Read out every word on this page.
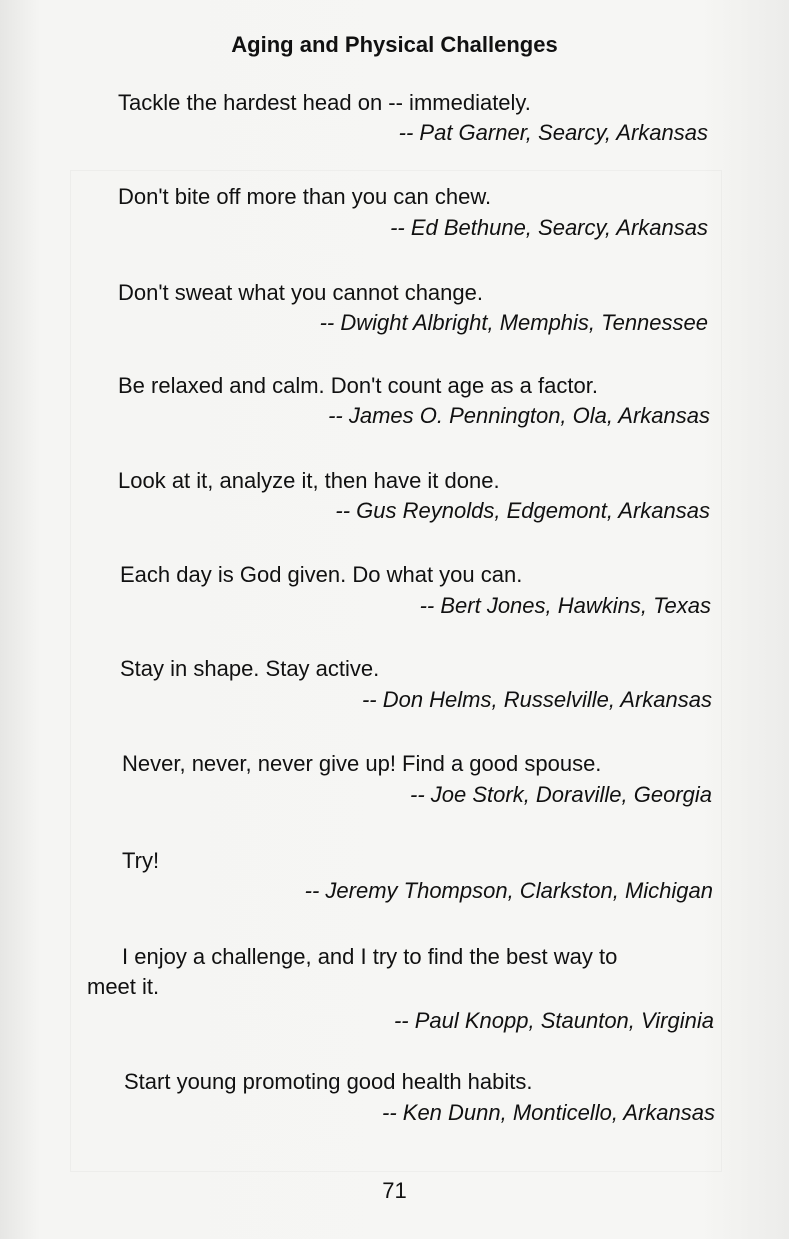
Aging and Physical Challenges
Tackle the hardest head on -- immediately.
-- Pat Garner, Searcy, Arkansas
Don't bite off more than you can chew.
-- Ed Bethune, Searcy, Arkansas
Don't sweat what you cannot change.
-- Dwight Albright, Memphis, Tennessee
Be relaxed and calm. Don't count age as a factor.
-- James O. Pennington, Ola, Arkansas
Look at it, analyze it, then have it done.
-- Gus Reynolds, Edgemont, Arkansas
Each day is God given. Do what you can.
-- Bert Jones, Hawkins, Texas
Stay in shape. Stay active.
-- Don Helms, Russelville, Arkansas
Never, never, never give up! Find a good spouse.
-- Joe Stork, Doraville, Georgia
Try!
-- Jeremy Thompson, Clarkston, Michigan
I enjoy a challenge, and I try to find the best way to
meet it.
-- Paul Knopp, Staunton, Virginia
Start young promoting good health habits.
-- Ken Dunn, Monticello, Arkansas
71
